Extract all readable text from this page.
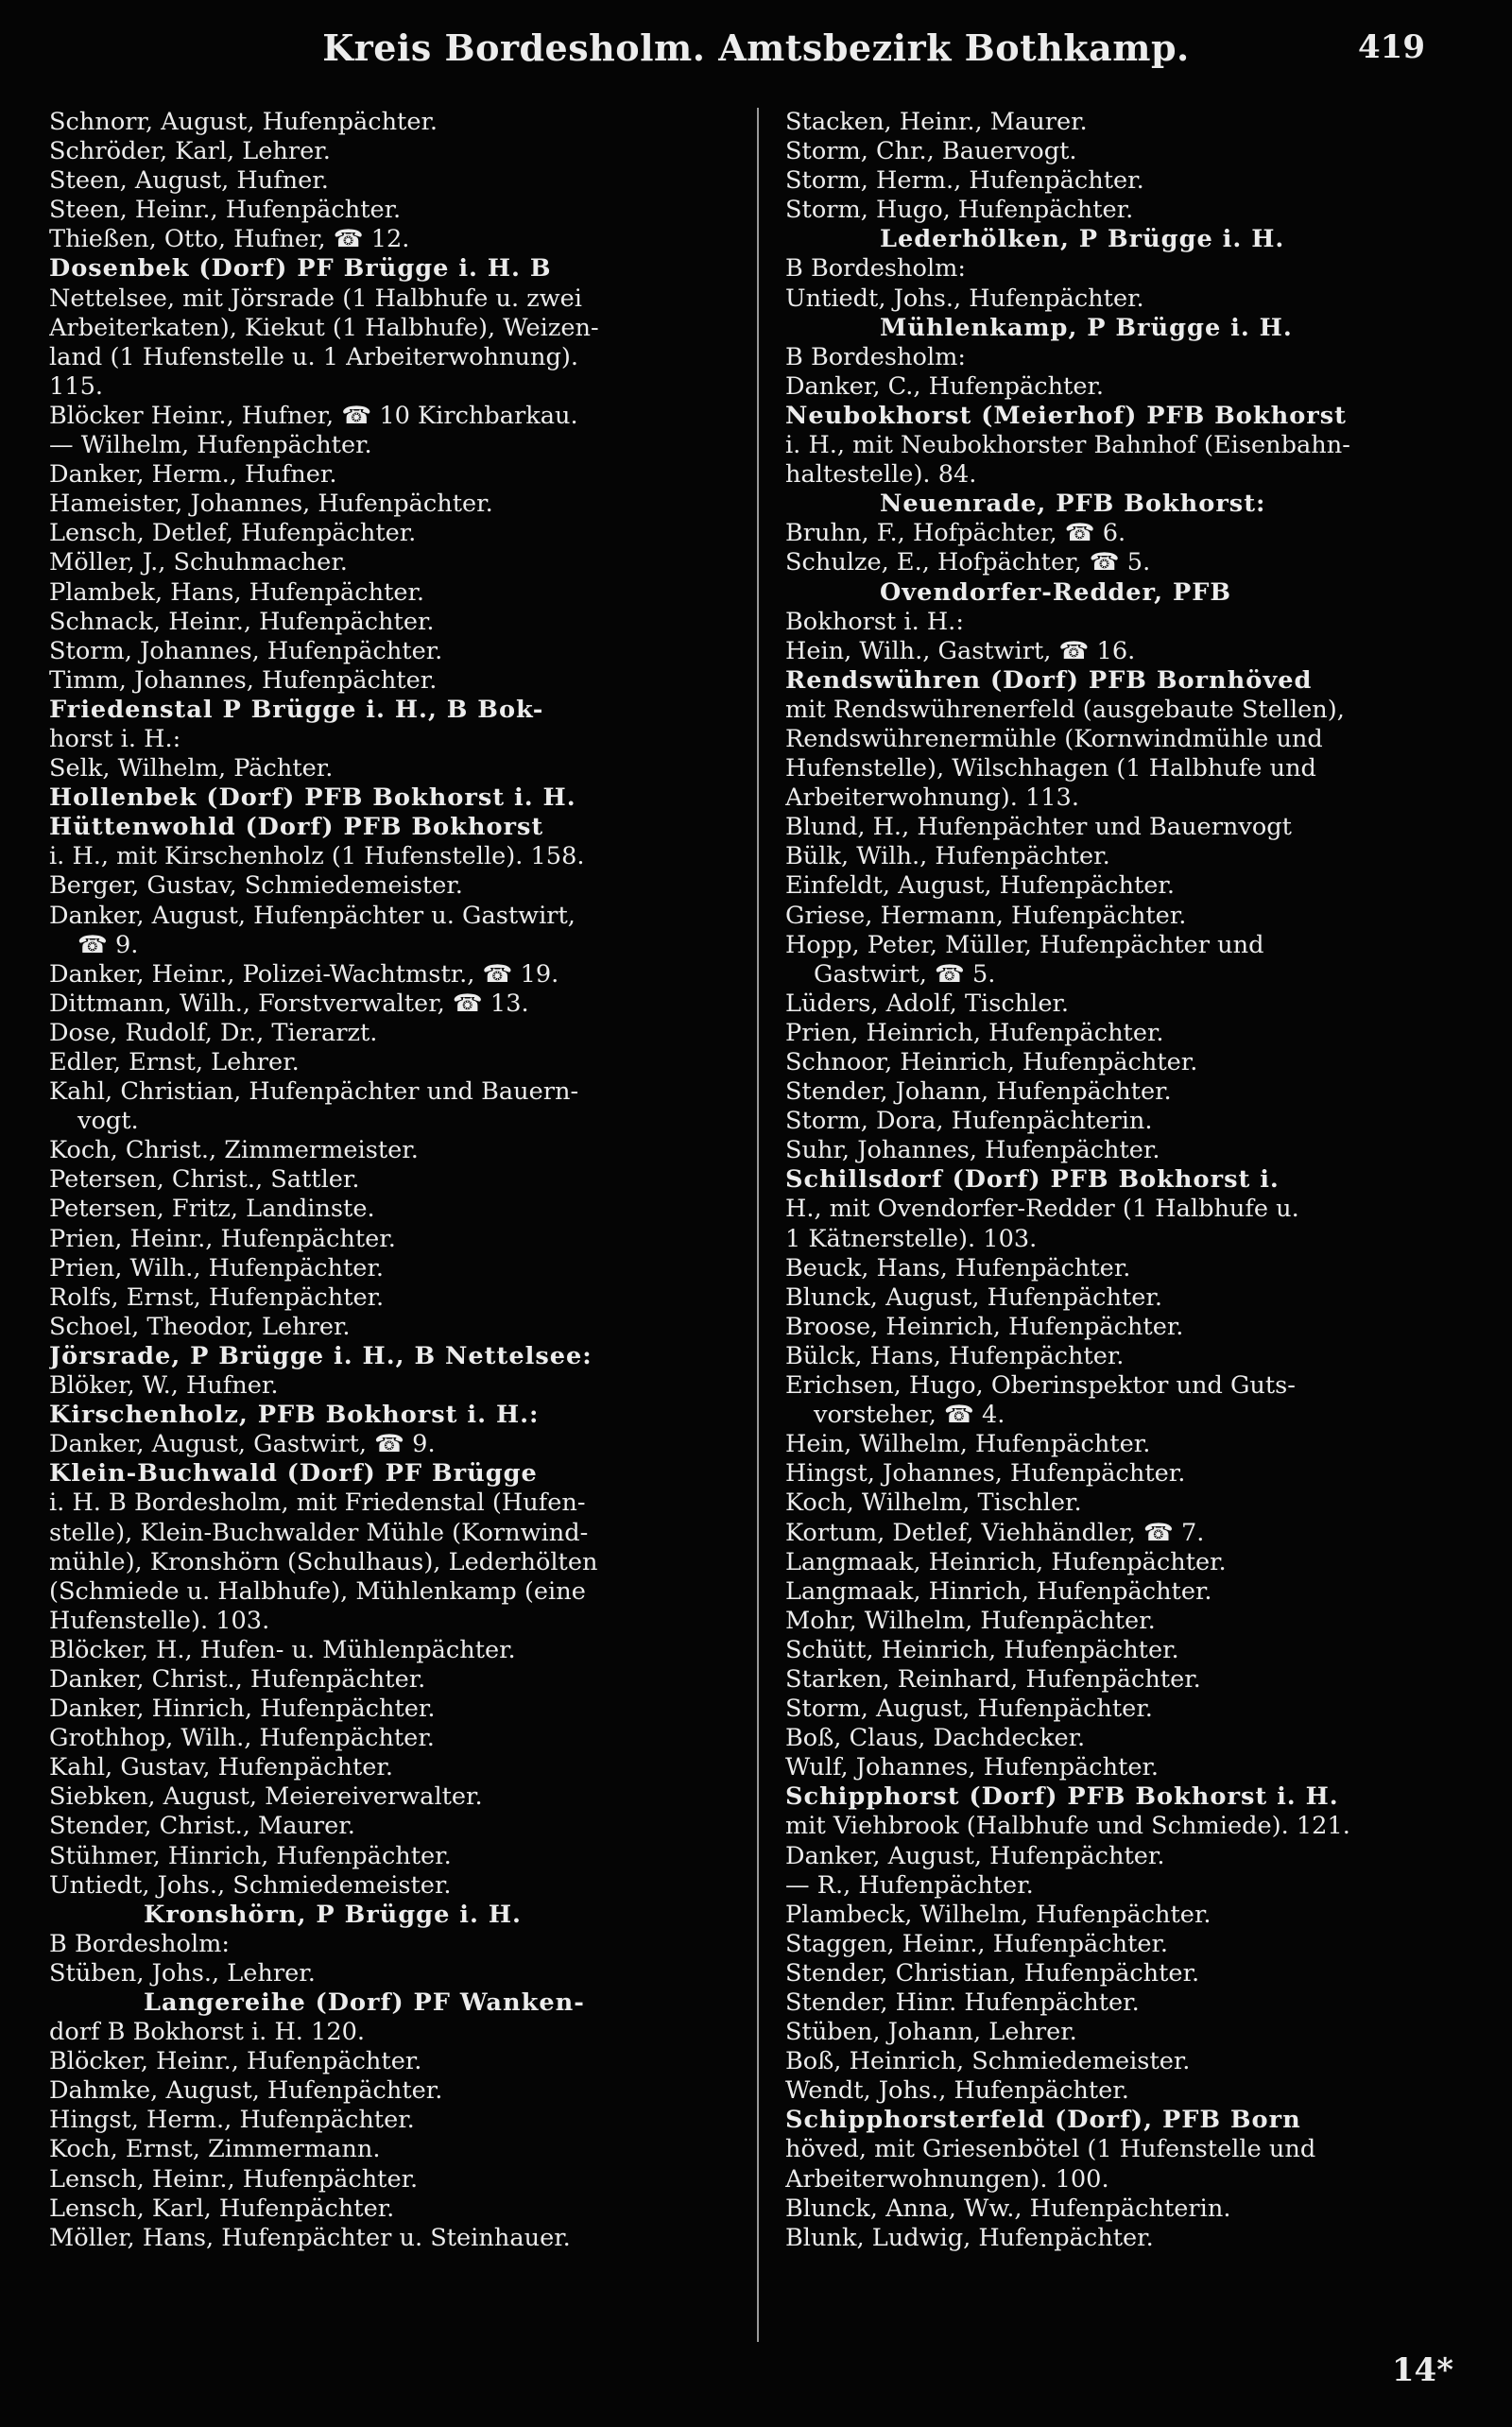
Kreis Bordesholm. Amtsbezirk Bothkamp.	419
Schnorr, August, Hufenpächter.
Schröder, Karl, Lehrer.
Steen, August, Hufner.
Steen, Heinr., Hufenpächter.
Thießen, Otto, Hufner, ☎ 12.
Dosenbek (Dorf) PF Brügge i. H. B
Nettelsee, mit Jörsrade (1 Halbhufe u. zwei
Arbeiterkaten), Kiekut (1 Halbhufe), Weizen-
land (1 Hufenstelle u. 1 Arbeiterwohnung).
115.
Blöcker Heinr., Hufner, ☎ 10 Kirchbarkau.
— Wilhelm, Hufenpächter.
Danker, Herm., Hufner.
Hameister, Johannes, Hufenpächter.
Lensch, Detlef, Hufenpächter.
Möller, J., Schuhmacher.
Plambek, Hans, Hufenpächter.
Schnack, Heinr., Hufenpächter.
Storm, Johannes, Hufenpächter.
Timm, Johannes, Hufenpächter.
Friedenstal P Brügge i. H., B Bok-
horst i. H.:
Selk, Wilhelm, Pächter.
Hollenbek (Dorf) PFB Bokhorst i. H.
Hüttenwohld (Dorf) PFB Bokhorst
i. H., mit Kirschenholz (1 Hufenstelle). 158.
Berger, Gustav, Schmiedemeister.
Danker, August, Hufenpächter u. Gastwirt,
☎ 9.
Danker, Heinr., Polizei-Wachtmstr., ☎ 19.
Dittmann, Wilh., Forstverwalter, ☎ 13.
Dose, Rudolf, Dr., Tierarzt.
Edler, Ernst, Lehrer.
Kahl, Christian, Hufenpächter und Bauern-
vogt.
Koch, Christ., Zimmermeister.
Petersen, Christ., Sattler.
Petersen, Fritz, Landinste.
Prien, Heinr., Hufenpächter.
Prien, Wilh., Hufenpächter.
Rolfs, Ernst, Hufenpächter.
Schoel, Theodor, Lehrer.
Jörsrade, P Brügge i. H., B Nettelsee:
Blöker, W., Hufner.
Kirschenholz, PFB Bokhorst i. H.:
Danker, August, Gastwirt, ☎ 9.
Klein-Buchwald (Dorf) PF Brügge
i. H. B Bordesholm, mit Friedenstal (Hufen-
stelle), Klein-Buchwalder Mühle (Kornwind-
mühle), Kronshörn (Schulhaus), Lederhölten
(Schmiede u. Halbhufe), Mühlenkamp (eine
Hufenstelle). 103.
Blöcker, H., Hufen- u. Mühlenpächter.
Danker, Christ., Hufenpächter.
Danker, Hinrich, Hufenpächter.
Grothhop, Wilh., Hufenpächter.
Kahl, Gustav, Hufenpächter.
Siebken, August, Meiereiverwalter.
Stender, Christ., Maurer.
Stühmer, Hinrich, Hufenpächter.
Untiedt, Johs., Schmiedemeister.
Kronshörn, P Brügge i. H.
B Bordesholm:
Stüben, Johs., Lehrer.
Langereihe (Dorf) PF Wanken-
dorf B Bokhorst i. H. 120.
Blöcker, Heinr., Hufenpächter.
Dahmke, August, Hufenpächter.
Hingst, Herm., Hufenpächter.
Koch, Ernst, Zimmermann.
Lensch, Heinr., Hufenpächter.
Lensch, Karl, Hufenpächter.
Möller, Hans, Hufenpächter u. Steinhauer.
Stacken, Heinr., Maurer.
Storm, Chr., Bauervogt.
Storm, Herm., Hufenpächter.
Storm, Hugo, Hufenpächter.
Lederhölken, P Brügge i. H.
B Bordesholm:
Untiedt, Johs., Hufenpächter.
Mühlenkamp, P Brügge i. H.
B Bordesholm:
Danker, C., Hufenpächter.
Neubokhorst (Meierhof) PFB Bokhorst
i. H., mit Neubokhorster Bahnhof (Eisenbahn-
haltestelle). 84.
Neuenrade, PFB Bokhorst:
Bruhn, F., Hofpächter, ☎ 6.
Schulze, E., Hofpächter, ☎ 5.
Ovendorfer-Redder, PFB
Bokhorst i. H.:
Hein, Wilh., Gastwirt, ☎ 16.
Rendswühren (Dorf) PFB Bornhöved
mit Rendswührenerfeld (ausgebaute Stellen),
Rendswührenermühle (Kornwindmühle und
Hufenstelle), Wilschhagen (1 Halbhufe und
Arbeiterwohnung). 113.
Blund, H., Hufenpächter und Bauernvogt
Bülk, Wilh., Hufenpächter.
Einfeldt, August, Hufenpächter.
Griese, Hermann, Hufenpächter.
Hopp, Peter, Müller, Hufenpächter und
Gastwirt, ☎ 5.
Lüders, Adolf, Tischler.
Prien, Heinrich, Hufenpächter.
Schnoor, Heinrich, Hufenpächter.
Stender, Johann, Hufenpächter.
Storm, Dora, Hufenpächterin.
Suhr, Johannes, Hufenpächter.
Schillsdorf (Dorf) PFB Bokhorst i.
H., mit Ovendorfer-Redder (1 Halbhufe u.
1 Kätnerstelle). 103.
Beuck, Hans, Hufenpächter.
Blunck, August, Hufenpächter.
Broose, Heinrich, Hufenpächter.
Bülck, Hans, Hufenpächter.
Erichsen, Hugo, Oberinspektor und Guts-
vorsteher, ☎ 4.
Hein, Wilhelm, Hufenpächter.
Hingst, Johannes, Hufenpächter.
Koch, Wilhelm, Tischler.
Kortum, Detlef, Viehhändler, ☎ 7.
Langmaak, Heinrich, Hufenpächter.
Langmaak, Hinrich, Hufenpächter.
Mohr, Wilhelm, Hufenpächter.
Schütt, Heinrich, Hufenpächter.
Starken, Reinhard, Hufenpächter.
Storm, August, Hufenpächter.
Boß, Claus, Dachdecker.
Wulf, Johannes, Hufenpächter.
Schipphorst (Dorf) PFB Bokhorst i. H.
mit Viehbrook (Halbhufe und Schmiede). 121.
Danker, August, Hufenpächter.
— R., Hufenpächter.
Plambeck, Wilhelm, Hufenpächter.
Staggen, Heinr., Hufenpächter.
Stender, Christian, Hufenpächter.
Stender, Hinr. Hufenpächter.
Stüben, Johann, Lehrer.
Boß, Heinrich, Schmiedemeister.
Wendt, Johs., Hufenpächter.
Schipphorsterfeld (Dorf), PFB Born
höved, mit Griesenbötel (1 Hufenstelle und
Arbeiterwohnungen). 100.
Blunck, Anna, Ww., Hufenpächterin.
Blunk, Ludwig, Hufenpächter.
14*
